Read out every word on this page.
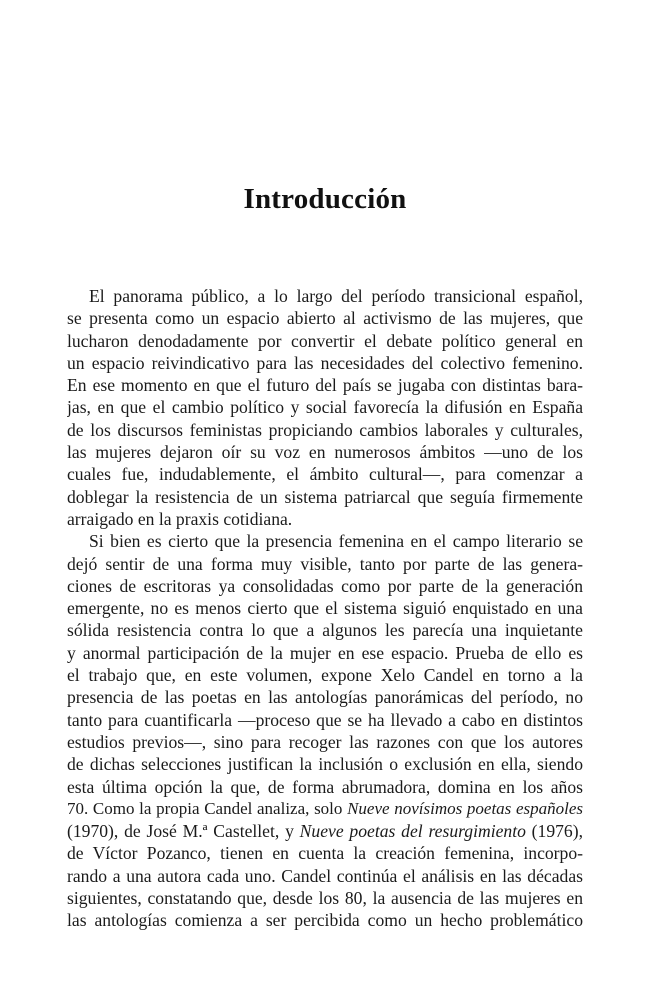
Introducción
El panorama público, a lo largo del período transicional español,
se presenta como un espacio abierto al activismo de las mujeres, que
lucharon denodadamente por convertir el debate político general en
un espacio reivindicativo para las necesidades del colectivo femenino.
En ese momento en que el futuro del país se jugaba con distintas bara-
jas, en que el cambio político y social favorecía la difusión en España
de los discursos feministas propiciando cambios laborales y culturales,
las mujeres dejaron oír su voz en numerosos ámbitos —uno de los
cuales fue, indudablemente, el ámbito cultural—, para comenzar a
doblegar la resistencia de un sistema patriarcal que seguía firmemente
arraigado en la praxis cotidiana.
Si bien es cierto que la presencia femenina en el campo literario se
dejó sentir de una forma muy visible, tanto por parte de las genera-
ciones de escritoras ya consolidadas como por parte de la generación
emergente, no es menos cierto que el sistema siguió enquistado en una
sólida resistencia contra lo que a algunos les parecía una inquietante
y anormal participación de la mujer en ese espacio. Prueba de ello es
el trabajo que, en este volumen, expone Xelo Candel en torno a la
presencia de las poetas en las antologías panorámicas del período, no
tanto para cuantificarla —proceso que se ha llevado a cabo en distintos
estudios previos—, sino para recoger las razones con que los autores
de dichas selecciones justifican la inclusión o exclusión en ella, siendo
esta última opción la que, de forma abrumadora, domina en los años
70. Como la propia Candel analiza, solo Nueve novísimos poetas españoles
(1970), de José M.ª Castellet, y Nueve poetas del resurgimiento (1976),
de Víctor Pozanco, tienen en cuenta la creación femenina, incorpo-
rando a una autora cada uno. Candel continúa el análisis en las décadas
siguientes, constatando que, desde los 80, la ausencia de las mujeres en
las antologías comienza a ser percibida como un hecho problemático
